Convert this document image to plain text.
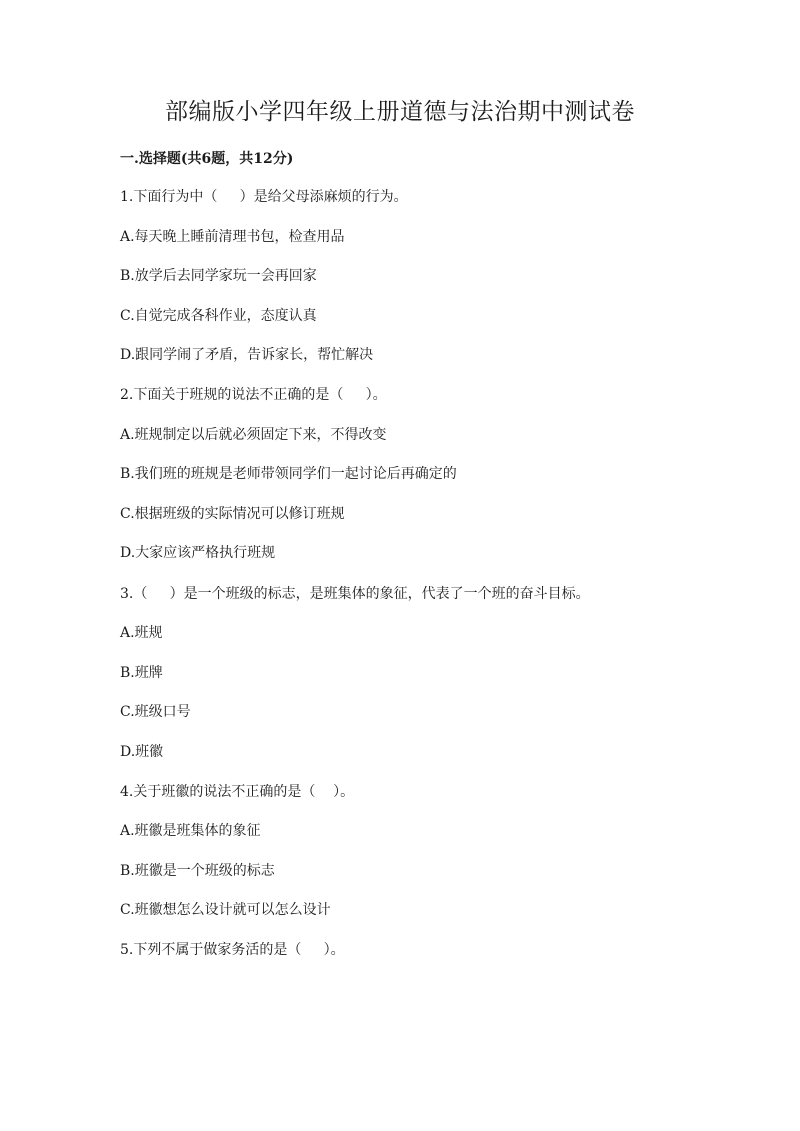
部编版小学四年级上册道德与法治期中测试卷
一.选择题(共6题，共12分)
1.下面行为中（     ）是给父母添麻烦的行为。
A.每天晚上睡前清理书包，检查用品
B.放学后去同学家玩一会再回家
C.自觉完成各科作业，态度认真
D.跟同学闹了矛盾，告诉家长，帮忙解决
2.下面关于班规的说法不正确的是（     ）。
A.班规制定以后就必须固定下来，不得改变
B.我们班的班规是老师带领同学们一起讨论后再确定的
C.根据班级的实际情况可以修订班规
D.大家应该严格执行班规
3.（     ）是一个班级的标志，是班集体的象征，代表了一个班的奋斗目标。
A.班规
B.班牌
C.班级口号
D.班徽
4.关于班徽的说法不正确的是（    ）。
A.班徽是班集体的象征
B.班徽是一个班级的标志
C.班徽想怎么设计就可以怎么设计
5.下列不属于做家务活的是（     ）。
